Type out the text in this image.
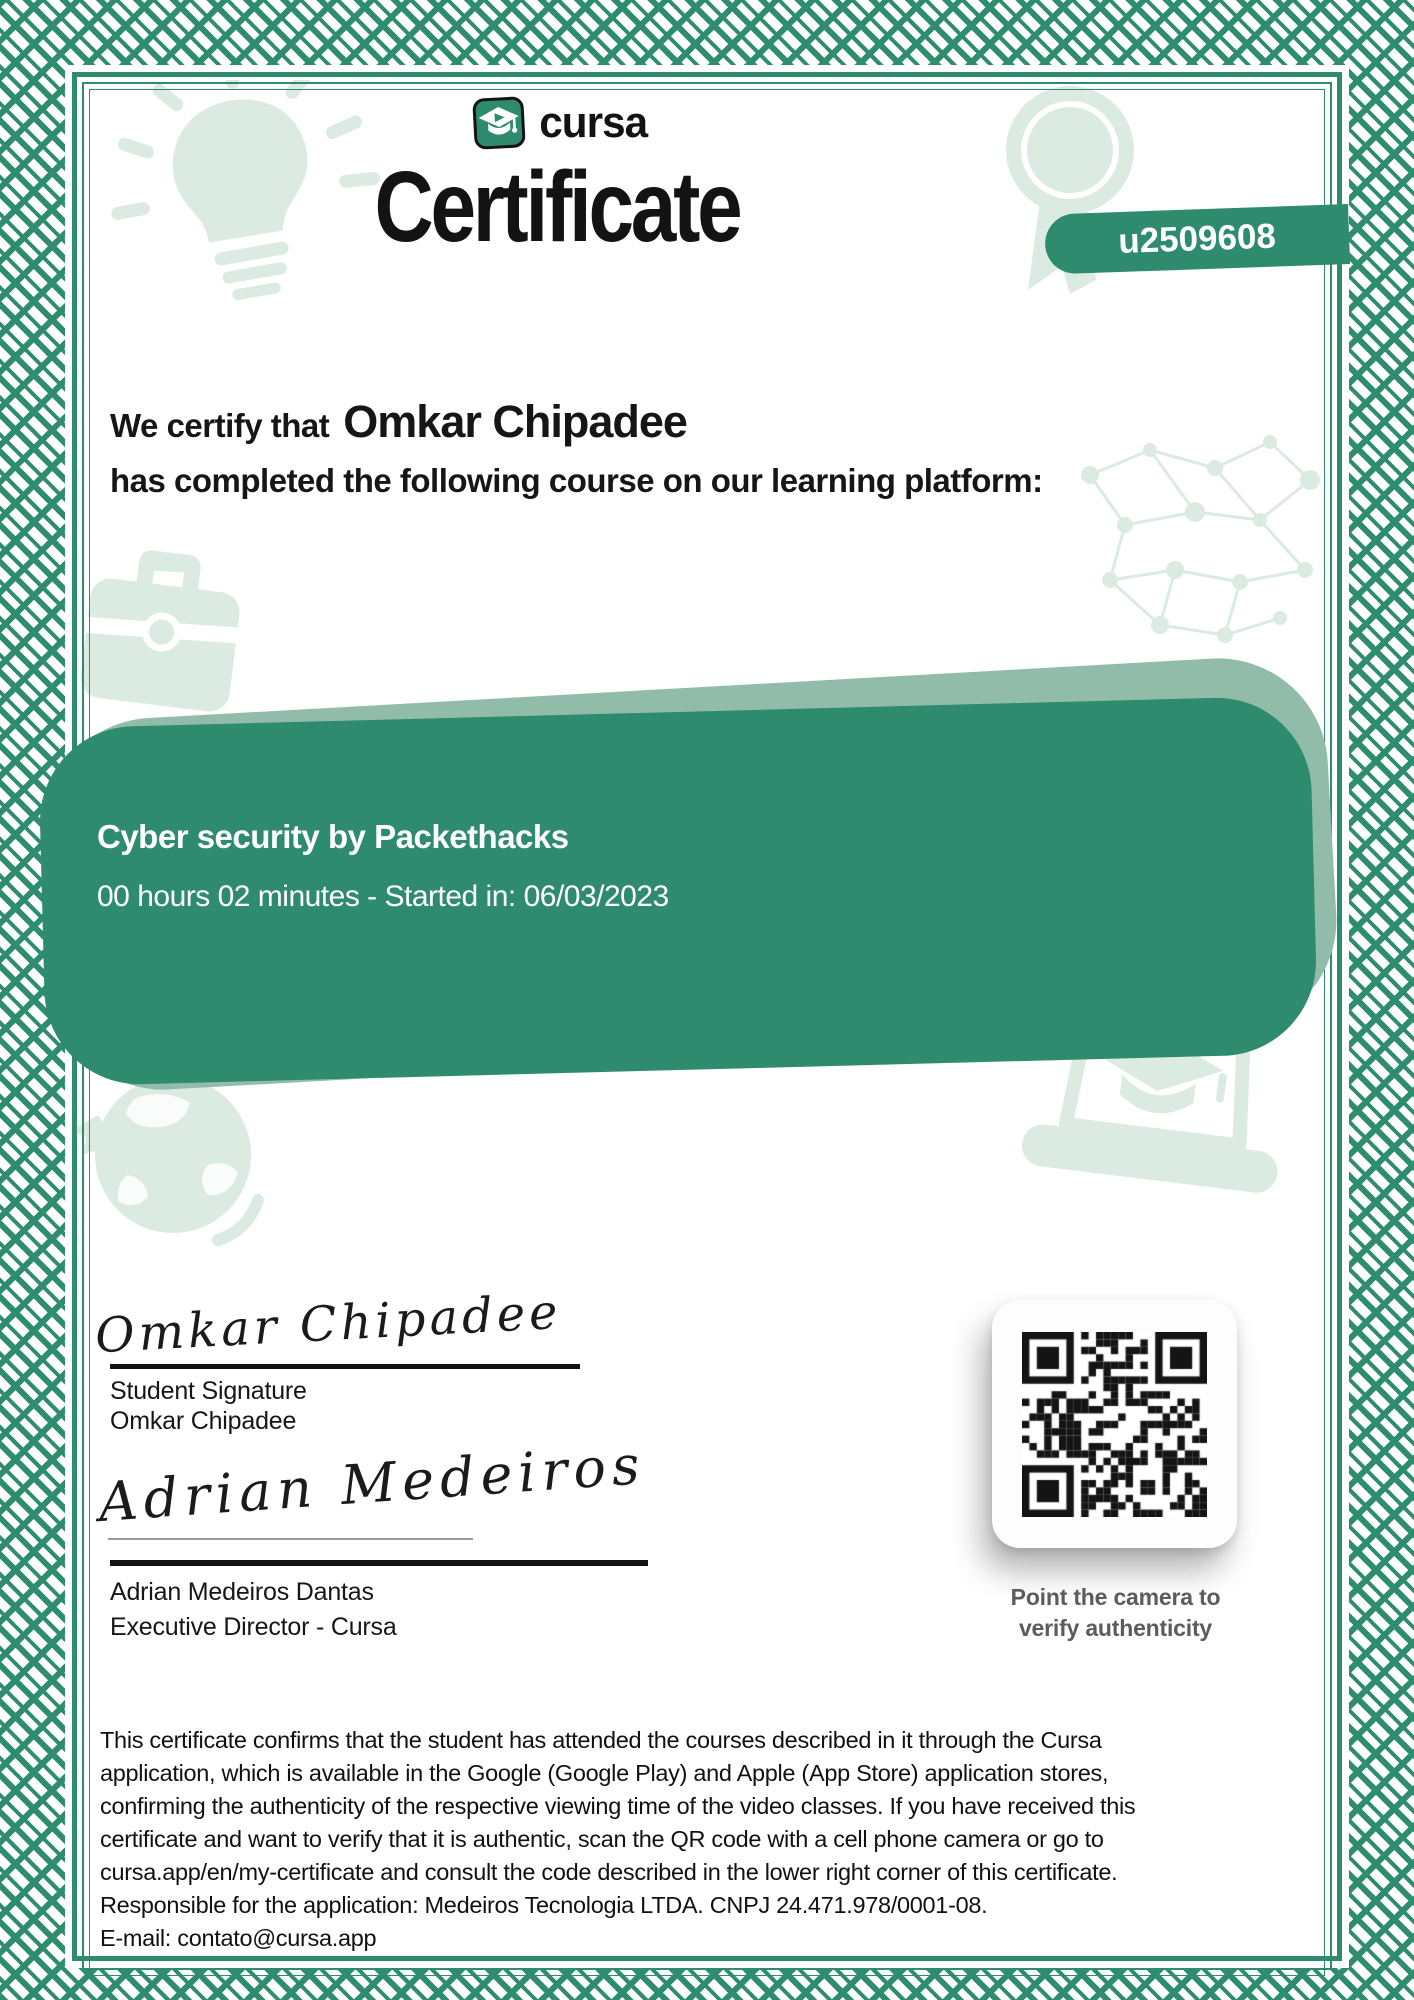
cursa
Certificate	u2509608
We certify that Omkar Chipadee
has completed the following course on our learning platform:
Cyber security by Packethacks
00 hours 02 minutes - Started in: 06/03/2023
Omkar Chipadee
Student Signature
Omkar Chipadee
Adrian Medeiros
Adrian Medeiros Dantas
Executive Director - Cursa
Point the camera to
verify authenticity
This certificate confirms that the student has attended the courses described in it through the Cursa
application, which is available in the Google (Google Play) and Apple (App Store) application stores,
confirming the authenticity of the respective viewing time of the video classes. If you have received this
certificate and want to verify that it is authentic, scan the QR code with a cell phone camera or go to
cursa.app/en/my-certificate and consult the code described in the lower right corner of this certificate.
Responsible for the application: Medeiros Tecnologia LTDA. CNPJ 24.471.978/0001-08.
E-mail: contato@cursa.app
